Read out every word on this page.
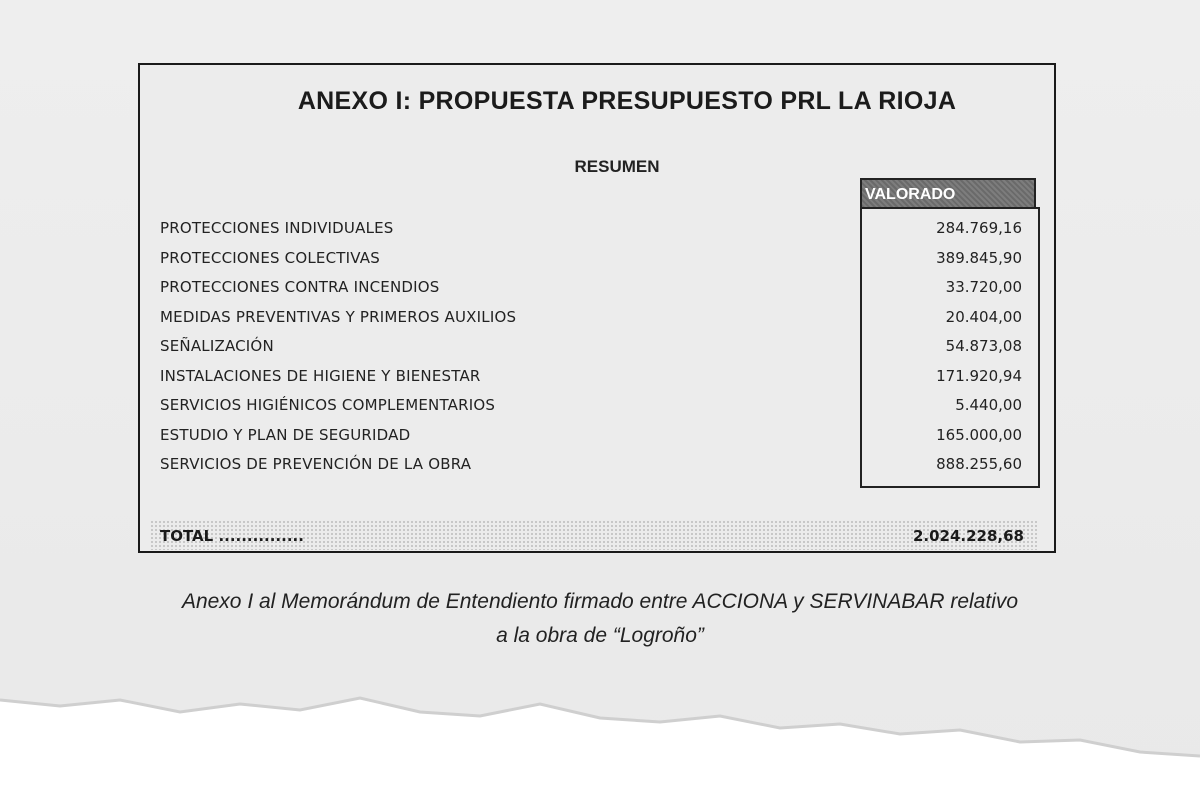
ANEXO I: PROPUESTA PRESUPUESTO PRL LA RIOJA
RESUMEN
VALORADO
PROTECCIONES INDIVIDUALES	284.769,16
PROTECCIONES COLECTIVAS	389.845,90
PROTECCIONES CONTRA INCENDIOS	33.720,00
MEDIDAS PREVENTIVAS Y PRIMEROS AUXILIOS	20.404,00
SEÑALIZACIÓN	54.873,08
INSTALACIONES DE HIGIENE Y BIENESTAR	171.920,94
SERVICIOS HIGIÉNICOS COMPLEMENTARIOS	5.440,00
ESTUDIO Y PLAN DE SEGURIDAD	165.000,00
SERVICIOS DE PREVENCIÓN DE LA OBRA	888.255,60
TOTAL ...............	2.024.228,68
Anexo I al Memorándum de Entendiento firmado entre ACCIONA y SERVINABAR relativo
a la obra de “Logroño”
